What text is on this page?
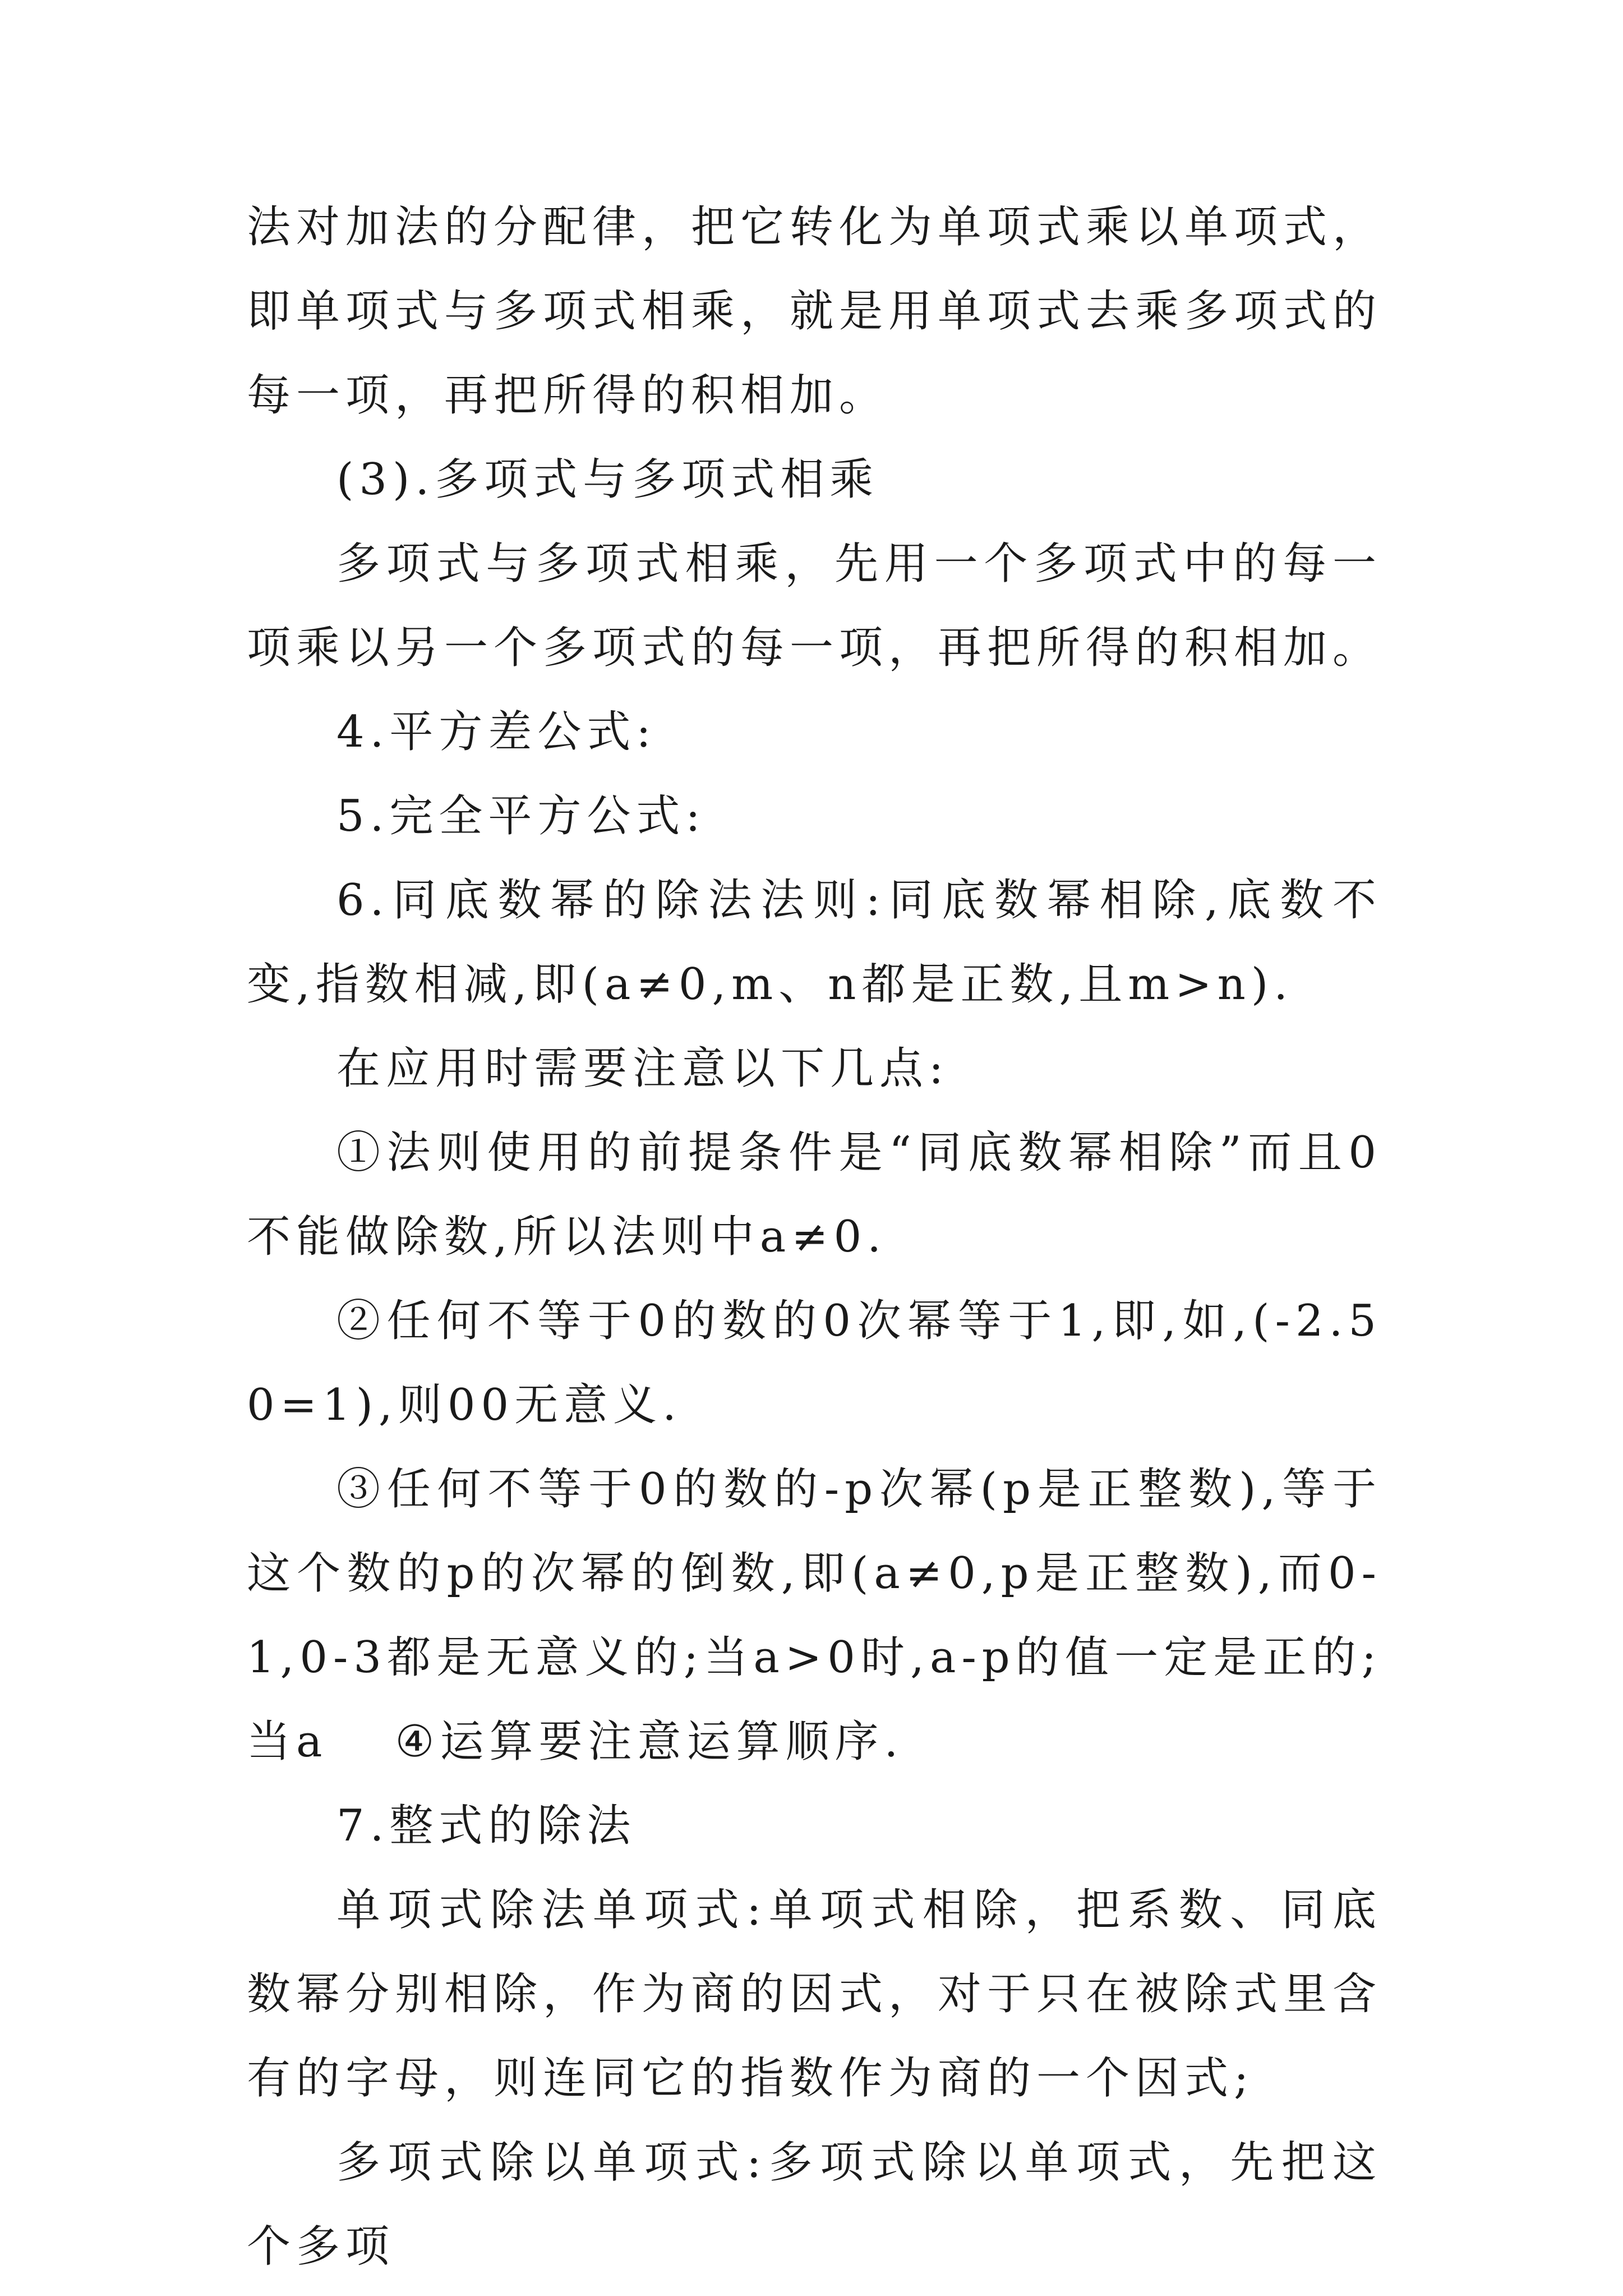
法对加法的分配律，把它转化为单项式乘以单项式，即单项式与多项式相乘，就是用单项式去乘多项式的每一项，再把所得的积相加。

(3).多项式与多项式相乘

多项式与多项式相乘，先用一个多项式中的每一项乘以另一个多项式的每一项，再把所得的积相加。

4.平方差公式:

5.完全平方公式:

6.同底数幂的除法法则:同底数幂相除,底数不变,指数相减,即(a≠0,m、n都是正数,且m>n).

在应用时需要注意以下几点:

①法则使用的前提条件是“同底数幂相除”而且0不能做除数,所以法则中a≠0.

②任何不等于0的数的0次幂等于1,即,如,(-2.50=1),则00无意义.

③任何不等于0的数的-p次幂(p是正整数),等于这个数的p的次幂的倒数,即(a≠0,p是正整数),而0-1,0-3都是无意义的;当a>0时,a-p的值一定是正的;当a ④运算要注意运算顺序.

7.整式的除法

单项式除法单项式:单项式相除，把系数、同底数幂分别相除，作为商的因式，对于只在被除式里含有的字母，则连同它的指数作为商的一个因式;

多项式除以单项式:多项式除以单项式，先把这个多项
